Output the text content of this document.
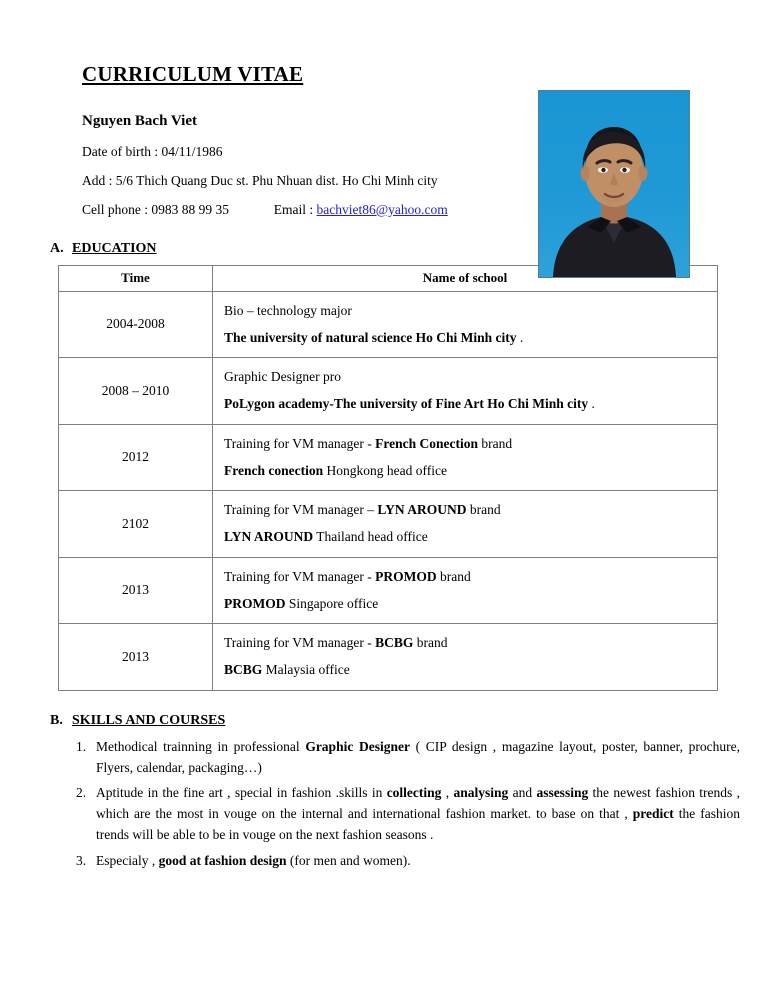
CURRICULUM VITAE
Nguyen Bach Viet
Date of birth : 04/11/1986
Add : 5/6 Thich Quang Duc st. Phu Nhuan dist. Ho Chi Minh city
Cell phone : 0983 88 99 35	Email : bachviet86@yahoo.com
A. EDUCATION
Time	Name of school
2004-2008	Bio – technology major
The university of natural science Ho Chi Minh city .

2008 – 2010	Graphic Designer pro
PoLygon academy-The university of Fine Art Ho Chi Minh city .

2012	Training for VM manager - French Conection brand
French conection Hongkong head office

2102	Training for VM manager – LYN AROUND brand
LYN AROUND Thailand head office

2013	Training for VM manager - PROMOD brand
PROMOD Singapore office

2013	Training for VM manager - BCBG brand
BCBG Malaysia office
B. SKILLS AND COURSES
Methodical trainning in professional Graphic Designer ( CIP design , magazine layout, poster, banner, prochure, Flyers, calendar, packaging…)
Aptitude in the fine art , special in fashion .skills in collecting , analysing and assessing the newest fashion trends , which are the most in vouge on the internal and international fashion market. to base on that , predict the fashion trends will be able to be in vouge on the next fashion seasons .
Especialy , good at fashion design (for men and women).
